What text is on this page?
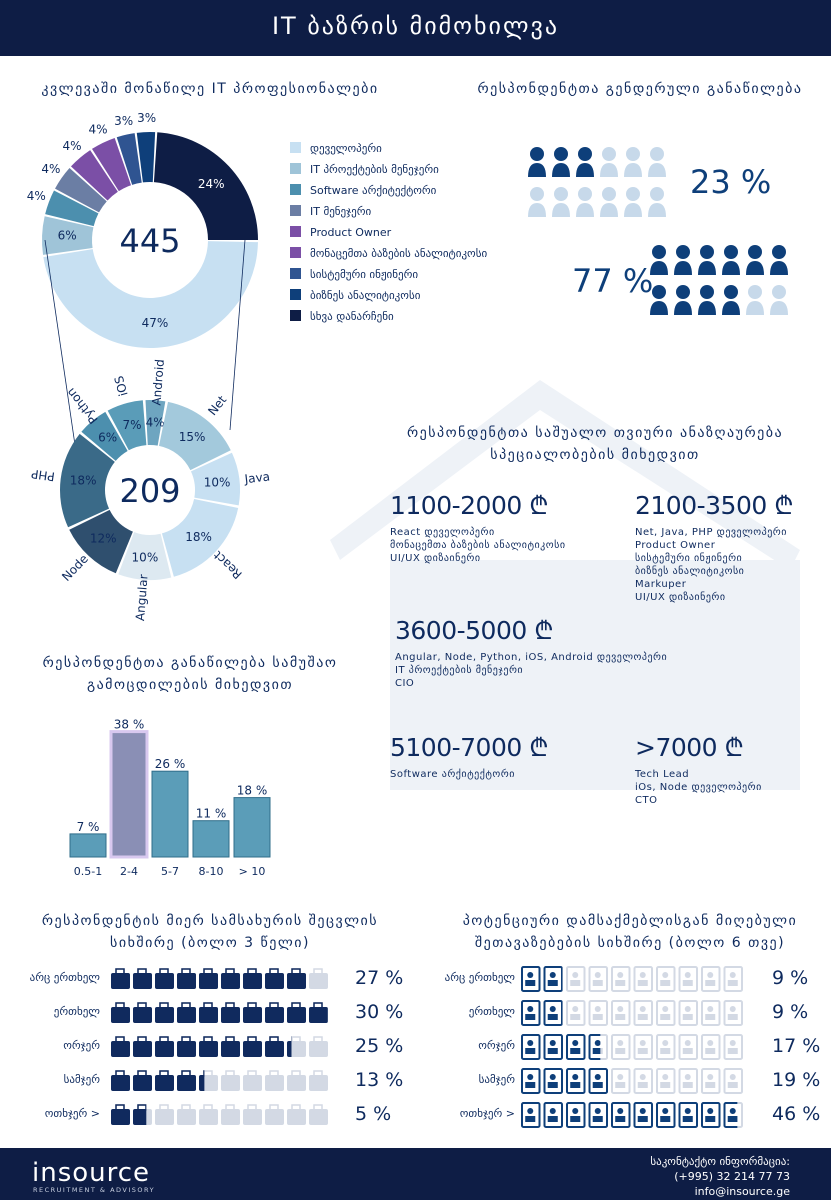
IT ბაზრის მიმოხილვა
კვლევაში მონაწილე IT პროფესიონალები
47%
6%
4%
4%
4%
4%
3% 3%
24%
445
დეველოპერი
IT პროექტების მენეჯერი
Software არქიტექტორი
IT მენეჯერი
Product Owner
მონაცემთა ბაზების ანალიტიკოსი
სისტემური ინჟინერი
ბიზნეს ანალიტიკოსი
სხვა დანარჩენი
4%
Android
15%
Net
10% Java
18%
React
10%
Angular
12%
Node
18%
PHP
6%
Python 7%
iOS
209
რესპონდენტთა გენდერული განაწილება
23 %
77 %
რესპონდენტთა საშუალო თვიური ანაზღაურება
სპეციალობების მიხედვით
1100-2000 ₾
React დეველოპერი
მონაცემთა ბაზების ანალიტიკოსი
UI/UX დიზაინერი
2100-3500 ₾
Net, Java, PHP დეველოპერი
Product Owner
სისტემური ინჟინერი
ბიზნეს ანალიტიკოსი
Markuper
UI/UX დიზაინერი
3600-5000 ₾
Angular, Node, Python, iOS, Android დეველოპერი
IT პროექტების მენეჯერი
CIO
5100-7000 ₾
Software არქიტექტორი
>7000 ₾
Tech Lead
iOs, Node დეველოპერი
CTO
რესპონდენტთა განაწილება სამუშაო
გამოცდილების მიხედვით
7 %
0.5-1
38 %
2-4
26 %
5-7
11 %
8-10
18 %
> 10
რესპონდენტის მიერ სამსახურის შეცვლის
სიხშირე (ბოლო 3 წელი)
არც ერთხელ	27 %
ერთხელ	30 %
ორჯერ	25 %
სამჯერ	13 %
ოთხჯერ >	5 %
პოტენციური დამსაქმებლისგან მიღებული
შეთავაზებების სიხშირე (ბოლო 6 თვე)
არც ერთხელ	9 %
ერთხელ	9 %
ორჯერ	17 %
სამჯერ	19 %
ოთხჯერ >	46 %
insource
RECRUITMENT & ADVISORY
საკონტაქტო ინფორმაცია:
(+995) 32 214 77 73
info@insource.ge
